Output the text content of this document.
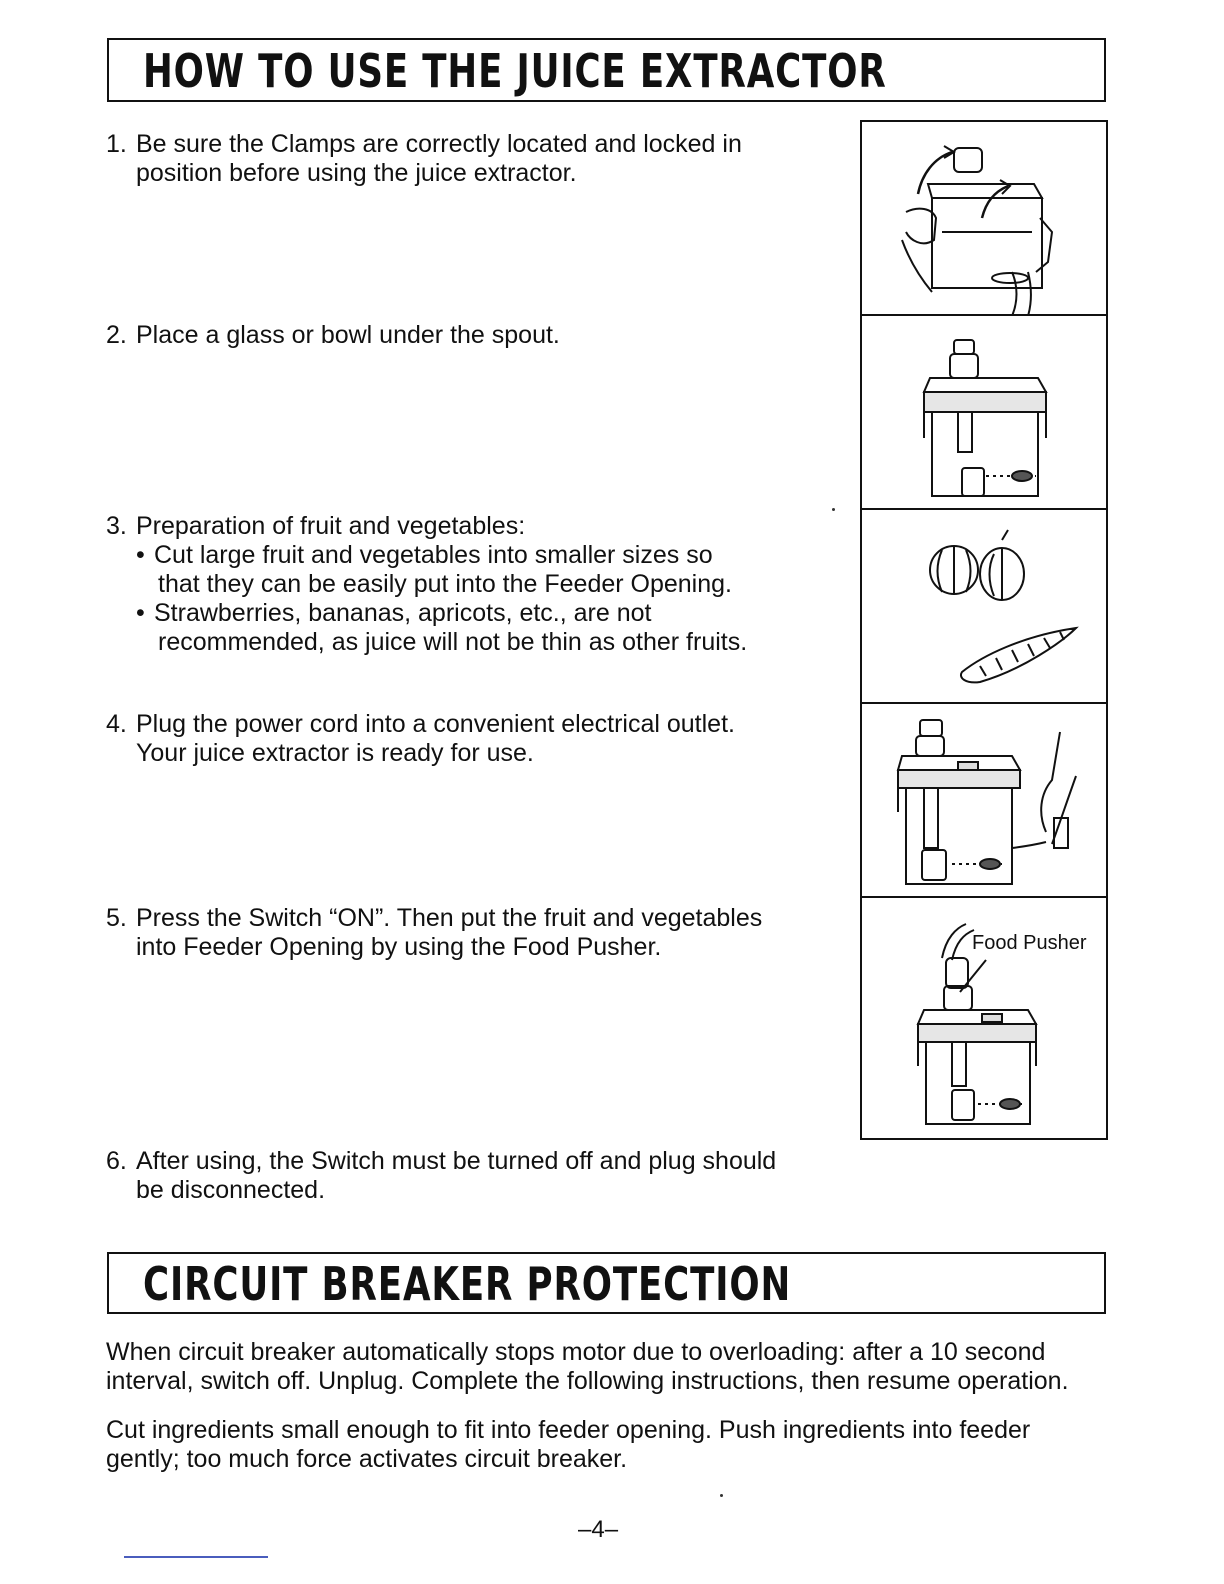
HOW TO USE THE JUICE EXTRACTOR
1. Be sure the Clamps are correctly located and locked in
position before using the juice extractor.
2. Place a glass or bowl under the spout.
3. Preparation of fruit and vegetables:
• Cut large fruit and vegetables into smaller sizes so
that they can be easily put into the Feeder Opening.
• Strawberries, bananas, apricots, etc., are not
recommended, as juice will not be thin as other fruits.
4. Plug the power cord into a convenient electrical outlet.
Your juice extractor is ready for use.
5. Press the Switch “ON”. Then put the fruit and vegetables
into Feeder Opening by using the Food Pusher.
6. After using, the Switch must be turned off and plug should
be disconnected.
Food Pusher
CIRCUIT BREAKER PROTECTION
When circuit breaker automatically stops motor due to overloading: after a 10 second
interval, switch off. Unplug. Complete the following instructions, then resume operation.
Cut ingredients small enough to fit into feeder opening. Push ingredients into feeder
gently; too much force activates circuit breaker.
–4–
